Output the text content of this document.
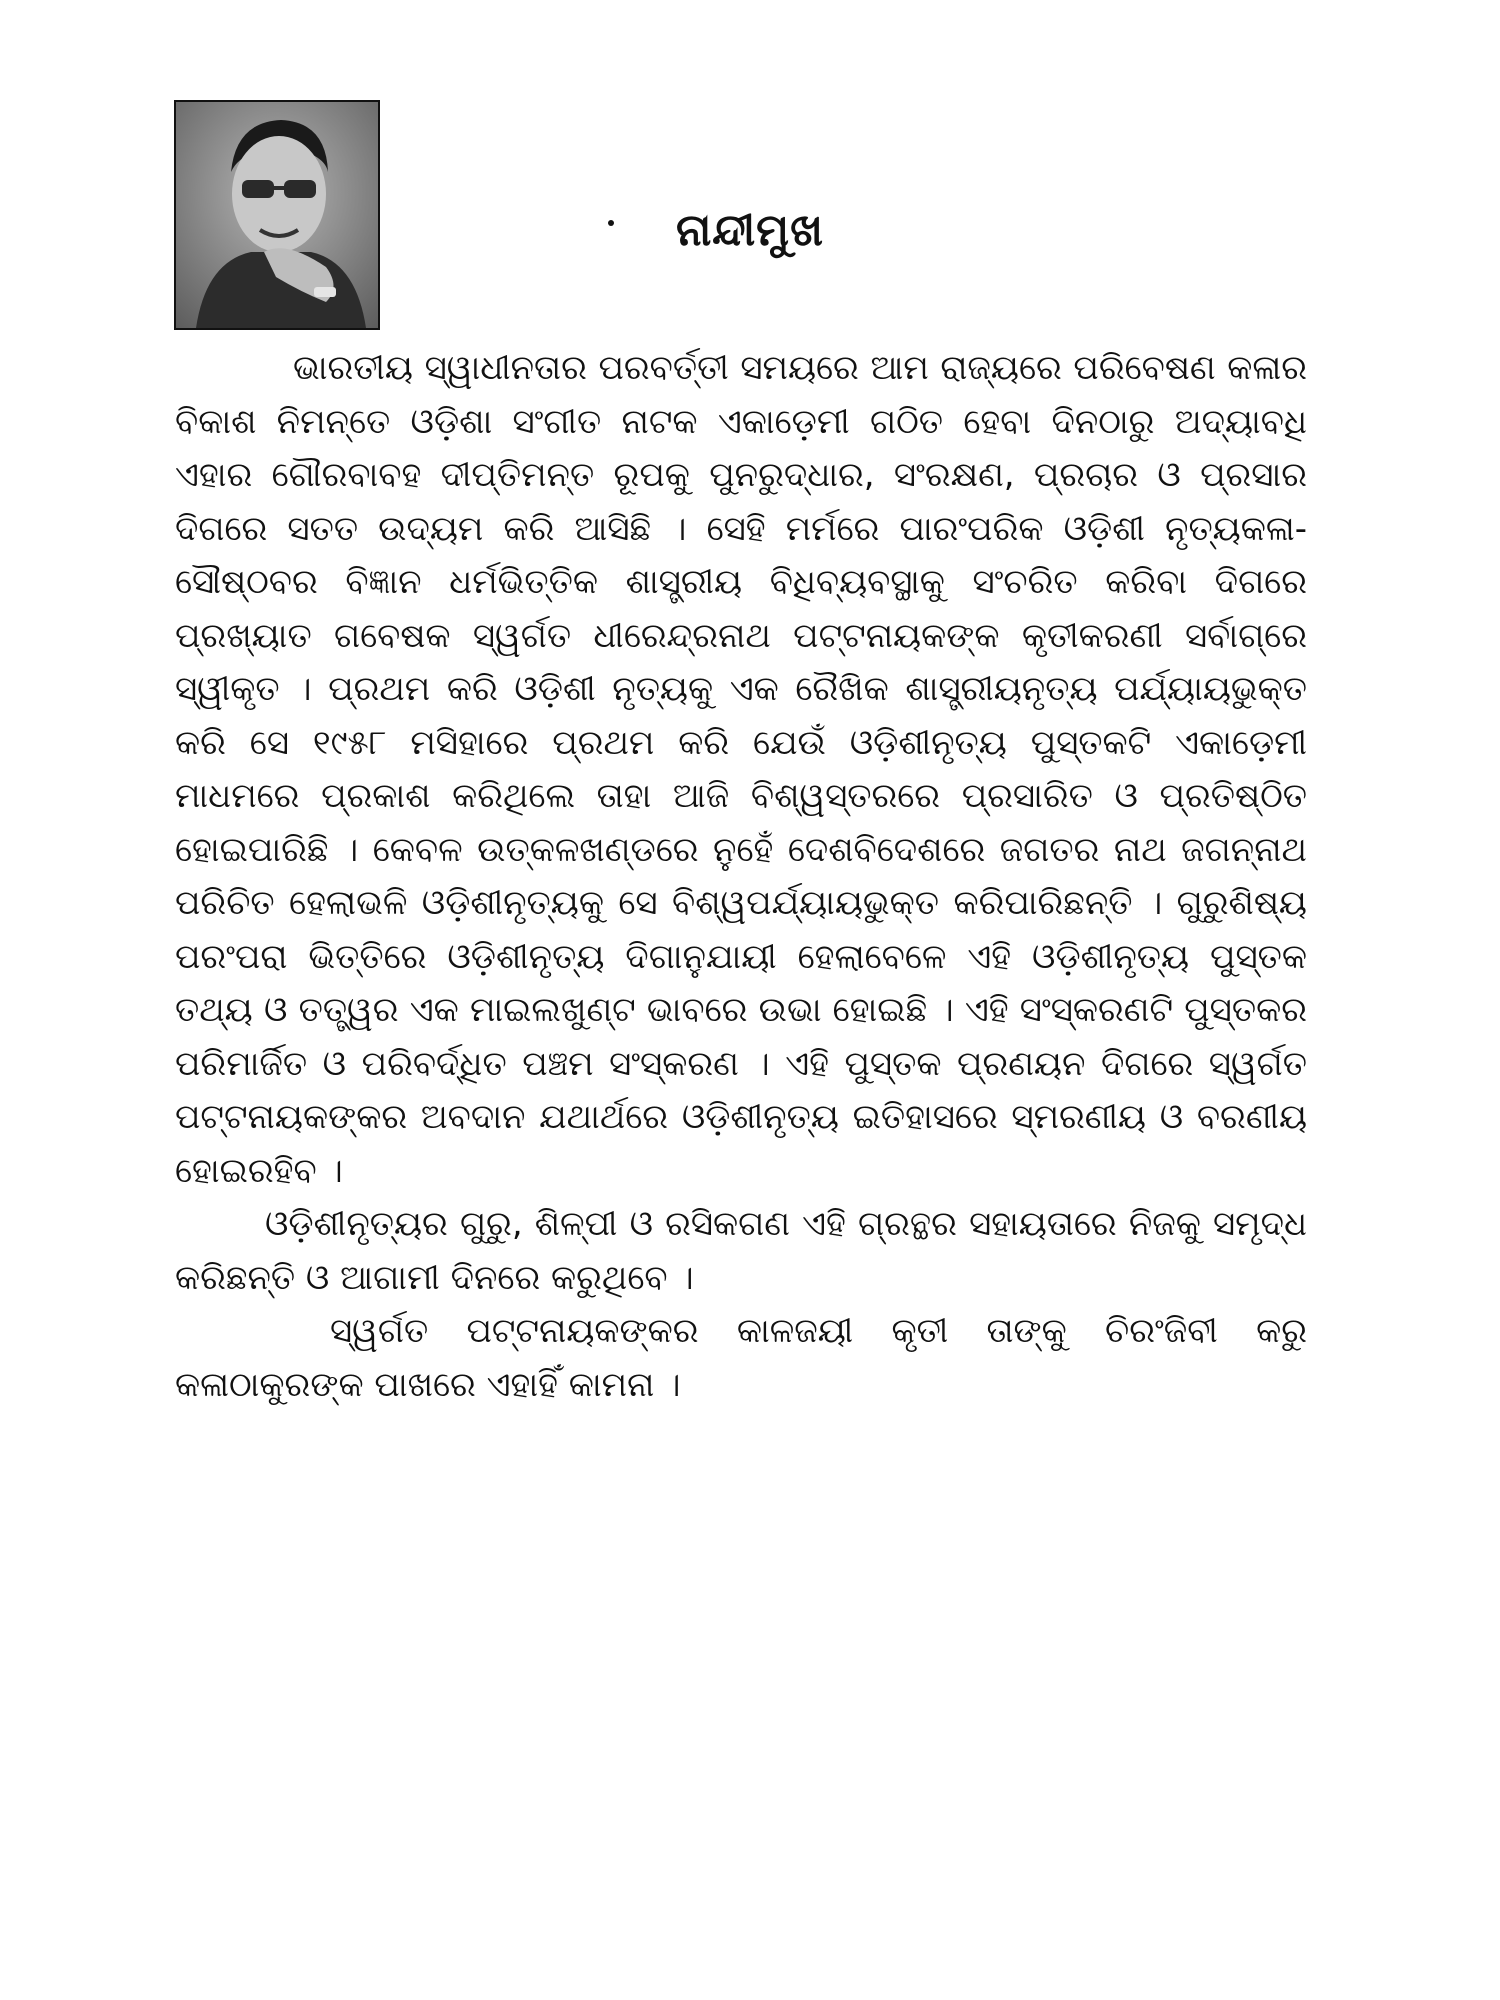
ନାନ୍ଦୀମୁଖ

ଭାରତୀୟ ସ୍ୱାଧୀନତାର ପରବର୍ତ୍ତୀ ସମୟରେ ଆମ ରାଜ୍ୟରେ ପରିବେଷଣ କଳାର ବିକାଶ ନିମନ୍ତେ ଓଡ଼ିଶା ସଂଗୀତ ନାଟକ ଏକାଡ଼େମୀ ଗଠିତ ହେବା ଦିନଠାରୁ ଅଦ୍ୟାବଧି ଏହାର ଗୌରବାବହ ଦୀପ୍ତିମନ୍ତ ରୂପକୁ ପୁନରୁଦ୍ଧାର, ସଂରକ୍ଷଣ, ପ୍ରଚାର ଓ ପ୍ରସାର ଦିଗରେ ସତତ ଉଦ୍ୟମ କରି ଆସିଛି । ସେହି ମର୍ମରେ ପାରଂପରିକ ଓଡ଼ିଶୀ ନୃତ୍ୟକଳା-ସୌଷ୍ଠବର ବିଜ୍ଞାନ ଧର୍ମଭିତ୍ତିକ ଶାସ୍ତ୍ରୀୟ ବିଧିବ୍ୟବସ୍ଥାକୁ ସଂଚରିତ କରିବା ଦିଗରେ ପ୍ରଖ୍ୟାତ ଗବେଷକ ସ୍ୱର୍ଗତ ଧୀରେନ୍ଦ୍ରନାଥ ପଟ୍ଟନାୟକଙ୍କ କୃତୀକରଣୀ ସର୍ବାଗ୍ରେ ସ୍ୱୀକୃତ । ପ୍ରଥମ କରି ଓଡ଼ିଶୀ ନୃତ୍ୟକୁ ଏକ ରୈଖିକ ଶାସ୍ତ୍ରୀୟନୃତ୍ୟ ପର୍ଯ୍ୟାୟଭୁକ୍ତ କରି ସେ ୧୯୫୮ ମସିହାରେ ପ୍ରଥମ କରି ଯେଉଁ ଓଡ଼ିଶୀନୃତ୍ୟ ପୁସ୍ତକଟି ଏକାଡ଼େମୀ ମାଧମରେ ପ୍ରକାଶ କରିଥିଲେ ତାହା ଆଜି ବିଶ୍ୱସ୍ତରରେ ପ୍ରସାରିତ ଓ ପ୍ରତିଷ୍ଠିତ ହୋଇପାରିଛି । କେବଳ ଉତ୍କଳଖଣ୍ଡରେ ନୁହେଁ ଦେଶବିଦେଶରେ ଜଗତର ନାଥ ଜଗନ୍ନାଥ ପରିଚିତ ହେଲାଭଳି ଓଡ଼ିଶୀନୃତ୍ୟକୁ ସେ ବିଶ୍ୱପର୍ଯ୍ୟାୟଭୁକ୍ତ କରିପାରିଛନ୍ତି । ଗୁରୁଶିଷ୍ୟ ପରଂପରା ଭିତ୍ତିରେ ଓଡ଼ିଶୀନୃତ୍ୟ ଦିଗାନୁଯାୟୀ ହେଲାବେଳେ ଏହି ଓଡ଼ିଶୀନୃତ୍ୟ ପୁସ୍ତକ ତଥ୍ୟ ଓ ତତ୍ତ୍ୱର ଏକ ମାଇଲଖୁଣ୍ଟ ଭାବରେ ଉଭା ହୋଇଛି । ଏହି ସଂସ୍କରଣଟି ପୁସ୍ତକର ପରିମାର୍ଜିତ ଓ ପରିବର୍ଦ୍ଧିତ ପଞ୍ଚମ ସଂସ୍କରଣ । ଏହି ପୁସ୍ତକ ପ୍ରଣୟନ ଦିଗରେ ସ୍ୱର୍ଗତ ପଟ୍ଟନାୟକଙ୍କର ଅବଦାନ ଯଥାର୍ଥରେ ଓଡ଼ିଶୀନୃତ୍ୟ ଇତିହାସରେ ସ୍ମରଣୀୟ ଓ ବରଣୀୟ ହୋଇରହିବ ।

ଓଡ଼ିଶୀନୃତ୍ୟର ଗୁରୁ, ଶିଳ୍ପୀ ଓ ରସିକଗଣ ଏହି ଗ୍ରନ୍ଥର ସହାୟତାରେ ନିଜକୁ ସମୃଦ୍ଧ କରିଛନ୍ତି ଓ ଆଗାମୀ ଦିନରେ କରୁଥିବେ ।

ସ୍ୱର୍ଗତ ପଟ୍ଟନାୟକଙ୍କର କାଳଜୟୀ କୃତୀ ତାଙ୍କୁ ଚିରଂଜିବୀ କରୁ କଳାଠାକୁରଙ୍କ ପାଖରେ ଏହାହିଁ କାମନା ।
